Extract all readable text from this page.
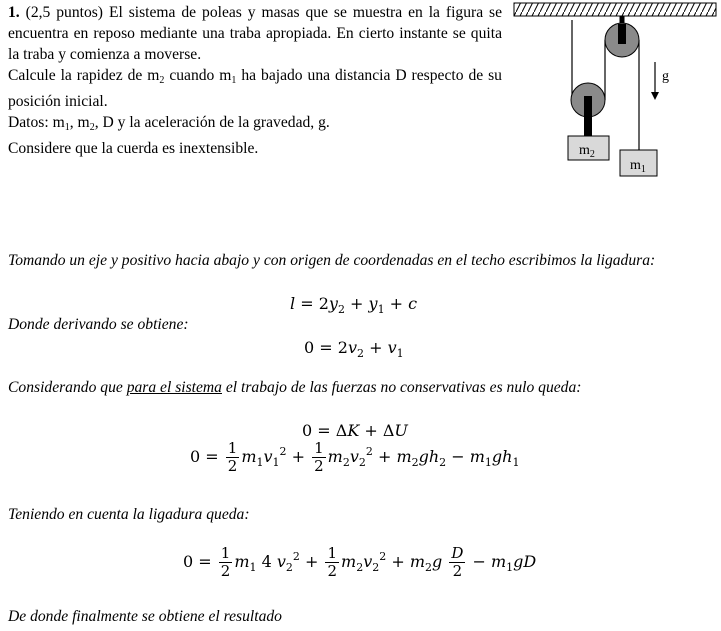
1. (2,5 puntos) El sistema de poleas y masas que se muestra en la figura se encuentra en reposo mediante una traba apropiada. En cierto instante se quita la traba y comienza a moverse.

Calcule la rapidez de $m_2$ cuando $m_1$ ha bajado una distancia D respecto de su posición inicial.

Datos: $m_1$, $m_2$, D y la aceleración de la gravedad, g.

Considere que la cuerda es inextensible.	$m_2$
$m_1$
g
Tomando un eje y positivo hacia abajo y con origen de coordenadas en el techo escribimos la ligadura:
$l = 2y_2 + y_1 + c$
Donde derivando se obtiene:
$0 = 2v_2 + v_1$
Considerando que para el sistema el trabajo de las fuerzas no conservativas es nulo queda:
0 = ΔK + ΔU
$0 = \frac{1}{2} m_1v_1^2 + \frac{1}{2} m_2v_2^2 + m_2gh_2 - m_1gh_1$
Teniendo en cuenta la ligadura queda:
$0 = \frac{1}{2} m_1$ 4 $v_2^2 + \frac{1}{2} m_2v_2^2 + m_2g \frac{D}{2} - m_1gD$
De donde finalmente se obtiene el resultado
